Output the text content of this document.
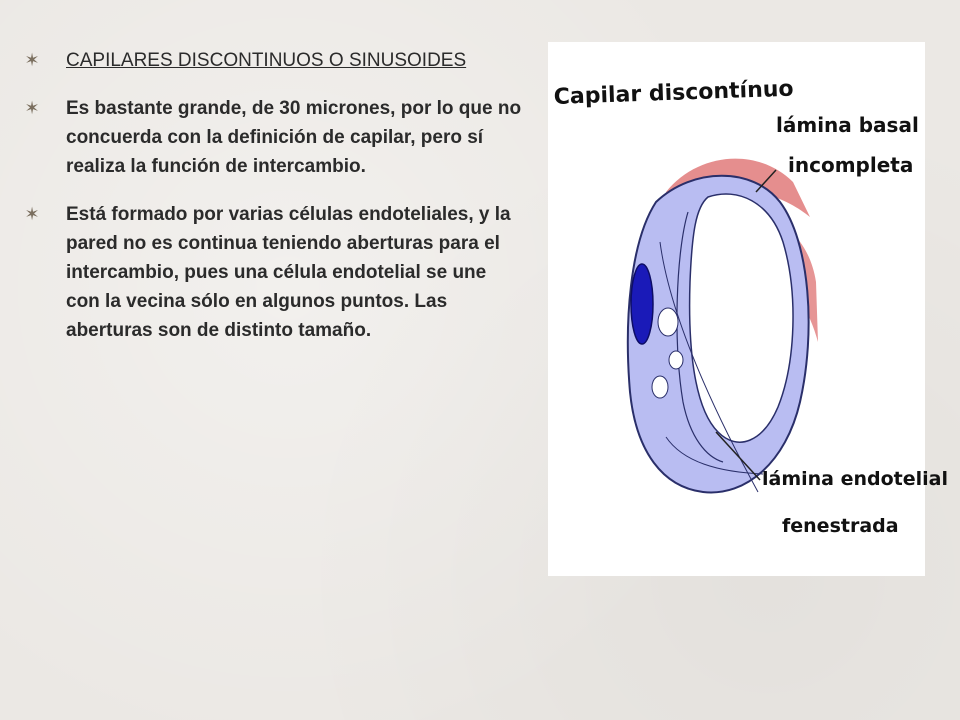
✶ CAPILARES DISCONTINUOS O SINUSOIDES
✶ Es bastante grande, de 30 micrones, por lo que no concuerda con la definición de capilar, pero sí realiza la función de intercambio.
✶ Está formado por varias células endoteliales, y la pared no es continua teniendo aberturas para el intercambio, pues una célula endotelial se une con la vecina sólo en algunos puntos. Las aberturas son de distinto tamaño.
Capilar discontínuo
lámina basal
incompleta
lámina endotelial
fenestrada
